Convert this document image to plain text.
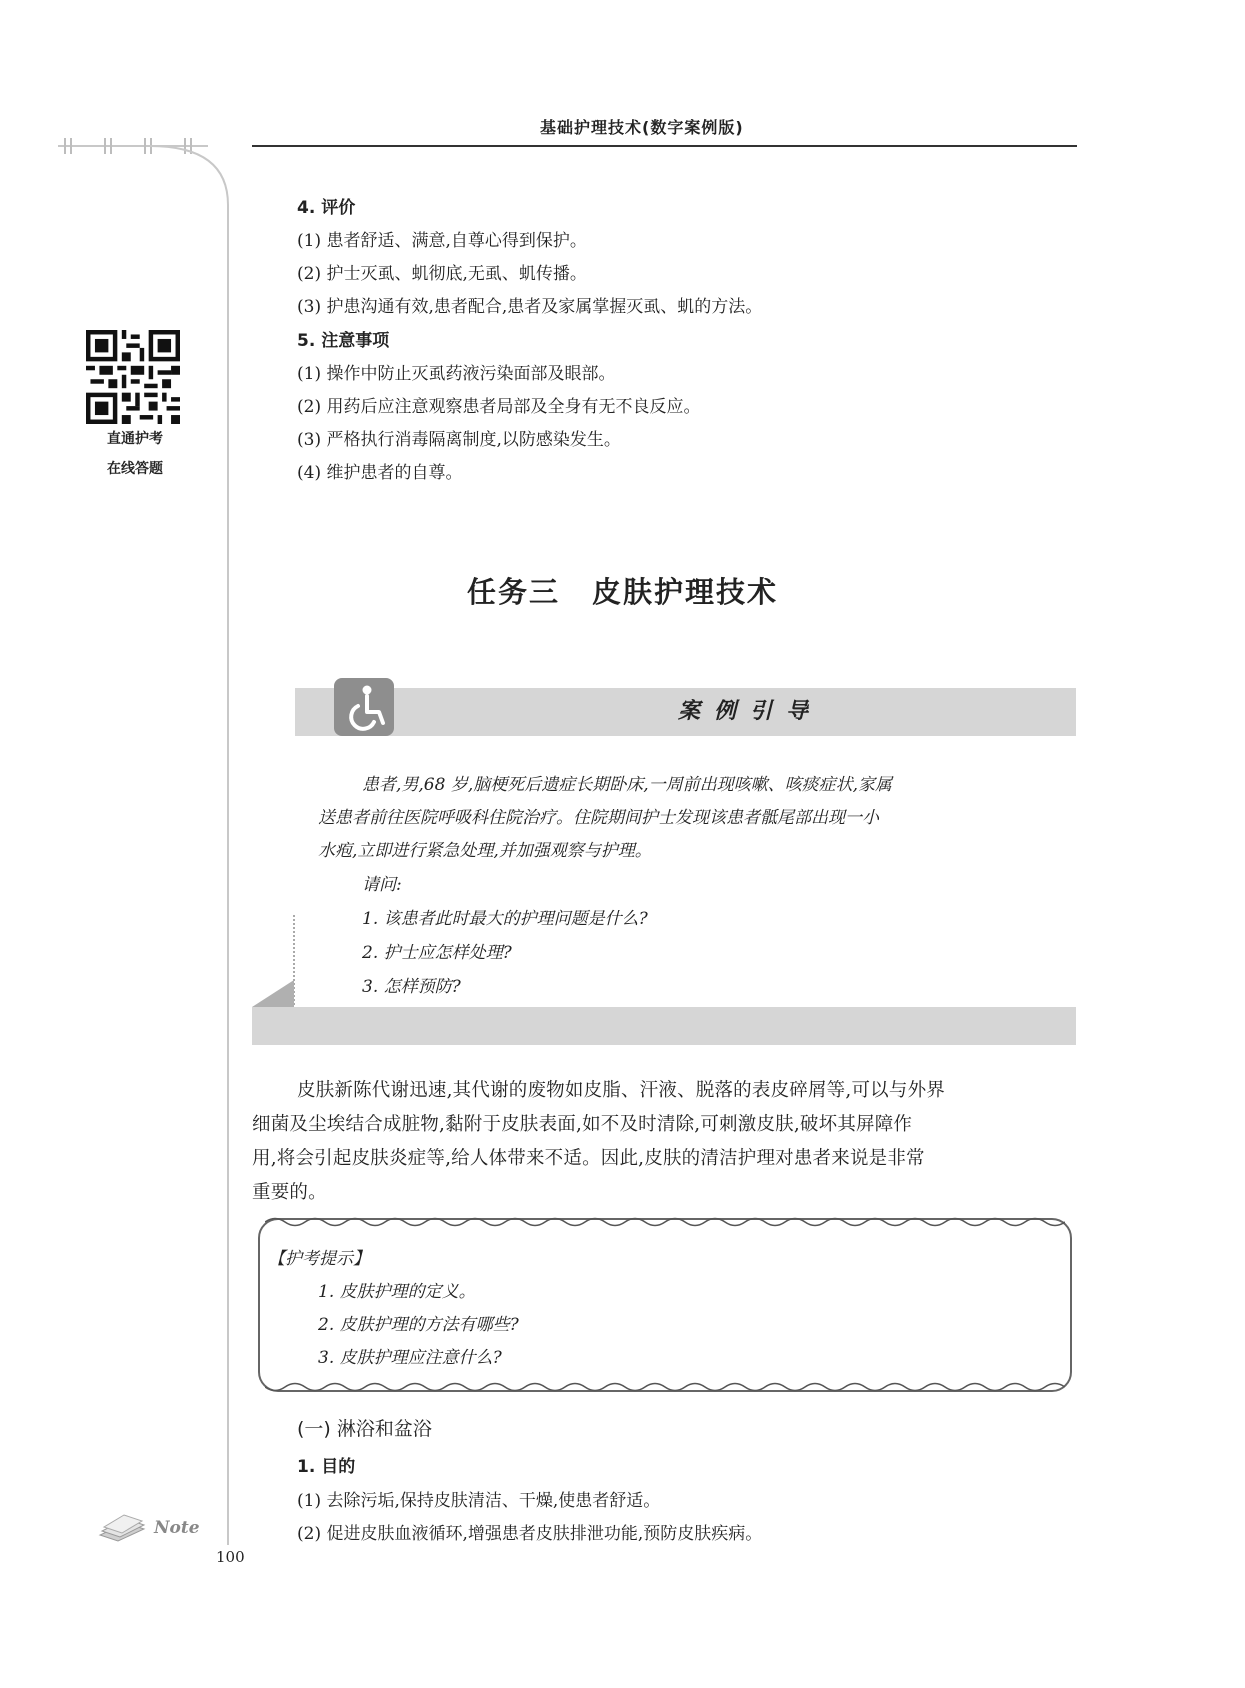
基础护理技术(数字案例版)
直通护考
在线答题
4. 评价
(1) 患者舒适、满意,自尊心得到保护。
(2) 护士灭虱、虮彻底,无虱、虮传播。
(3) 护患沟通有效,患者配合,患者及家属掌握灭虱、虮的方法。
5. 注意事项
(1) 操作中防止灭虱药液污染面部及眼部。
(2) 用药后应注意观察患者局部及全身有无不良反应。
(3) 严格执行消毒隔离制度,以防感染发生。
(4) 维护患者的自尊。
任务三 皮肤护理技术
案例引导
患者,男,68 岁,脑梗死后遗症长期卧床,一周前出现咳嗽、咳痰症状,家属
送患者前往医院呼吸科住院治疗。住院期间护士发现该患者骶尾部出现一小
水疱,立即进行紧急处理,并加强观察与护理。
请问:
1. 该患者此时最大的护理问题是什么?
2. 护士应怎样处理?
3. 怎样预防?
皮肤新陈代谢迅速,其代谢的废物如皮脂、汗液、脱落的表皮碎屑等,可以与外界
细菌及尘埃结合成脏物,黏附于皮肤表面,如不及时清除,可刺激皮肤,破坏其屏障作
用,将会引起皮肤炎症等,给人体带来不适。因此,皮肤的清洁护理对患者来说是非常
重要的。
【护考提示】
1. 皮肤护理的定义。
2. 皮肤护理的方法有哪些?
3. 皮肤护理应注意什么?
(一) 淋浴和盆浴
1. 目的
(1) 去除污垢,保持皮肤清洁、干燥,使患者舒适。
(2) 促进皮肤血液循环,增强患者皮肤排泄功能,预防皮肤疾病。
Note
100
